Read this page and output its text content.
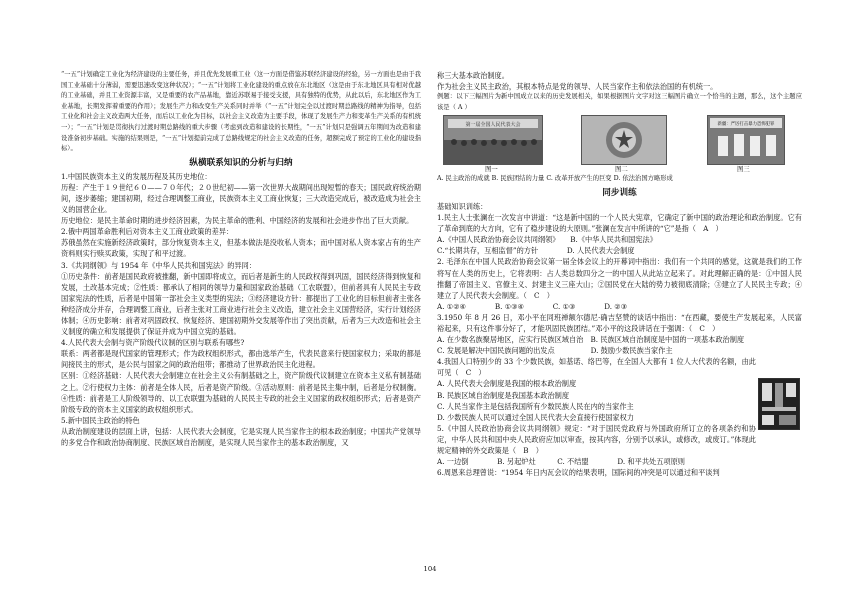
“一五”计划确定工业化为经济建设的主要任务，并且优先发展重工业（这一方面是借鉴苏联经济建设的经验，另一方面也是由于我国工业基础十分薄弱，需要迅速改变这种状况）；“一五”计划将工业化建设的重点放在东北地区（这是由于东北地区具有相对优越的工业基础，并且工业资源丰富，又是重要的农产品基地，靠近苏联易于接受支援，具有独特的优势，从此以后，东北地区作为工业基地，长期发挥着重要的作用）；发展生产力和改变生产关系同时并举（“一五”计划完全以过渡时期总路线的精神为指导，包括工业化和社会主义改造两大任务，而后以工业化为目标，以社会主义改造为主要手段，体现了发展生产力和变革生产关系的有机统一）；“一五”计划是贯彻执行过渡时期总路线的重大步骤（考虑到改造和建设的长期性，“一五”计划只是强调五年期间为改造和建设准备初步基础。实施的结果则是，“一五”计划提前完成了总路线规定的社会主义改造的任务，超额完成了预定的工业化的建设指标）。

纵横联系知识的分析与归纳

1.中国民族资本主义的发展历程及其历史地位：

历程：产生于１９世纪６０——７０年代；２０世纪初——第一次世界大战期间出现短暂的春天；国民政府统治期间，逐步萎缩；建国初期，经过合理调整工商业，民族资本主义工商业恢复；三大改造完成后，被改造成为社会主义的国营企业。

历史地位：是民主革命时期的进步经济因素，为民主革命的胜利、中国经济的发展和社会进步作出了巨大贡献。

2.俄中两国革命胜利后对资本主义工商业政策的差异：

苏俄虽然在实施新经济政策时，部分恢复资本主义，但基本做法是没收私人资本；而中国对私人资本家占有的生产资料则实行赎买政策，实现了和平过渡。

3.《共同纲领》与 1954 年《中华人民共和国宪法》的异同：

①历史条件：前者是国民政府被推翻，新中国即将成立，而后者是新生的人民政权得到巩固，国民经济得到恢复和发展，土改基本完成；②性质：都承认了相同的领导力量和国家政治基础（工农联盟），但前者具有人民民主专政国家宪法的性质，后者是中国第一部社会主义类型的宪法；③经济建设方针：都提出了工业化的目标但前者主张各种经济成分并存，合理调整工商业，后者主张对工商业进行社会主义改造，建立社会主义国营经济，实行计划经济体制；④历史影响：前者对巩固政权、恢复经济、建国初期外交发展等作出了突出贡献，后者为三大改造和社会主义制度的确立和发展提供了保证并成为中国立宪的基础。

4.人民代表大会制与资产阶级代议制的区别与联系有哪些?

联系：两者都是现代国家的管理形式；作为政权组织形式，都由选举产生，代表民意来行使国家权力；采取的都是间接民主的形式，是公民与国家之间的政治纽带；都推动了世界政治民主化进程。

区别：①经济基础：人民代表大会制建立在社会主义公有制基础之上，资产阶级代议制建立在资本主义私有制基础之上。②行使权力主体：前者是全体人民，后者是资产阶级。③活动原则：前者是民主集中制，后者是分权制衡。④性质：前者是工人阶级领导的、以工农联盟为基础的人民民主专政的社会主义国家的政权组织形式；后者是资产阶级专政的资本主义国家的政权组织形式。

5.新中国民主政治的特色

从政治制度建设的层面上讲，包括：人民代表大会制度，它是实现人民当家作主的根本政治制度；中国共产党领导的多党合作和政治协商制度、民族区域自治制度，是实现人民当家作主的基本政治制度，又

称三大基本政治制度。

作为社会主义民主政治，其根本特点是党的领导、人民当家作主和依法治国的有机统一。

例题：以下三幅图片为新中国成立以来的历史发展相关，如果根据图片文字对这三幅图片确立一个恰当的主题，那么，这个主题应该是（ A ）

第一届全国人民代表大会
图一	图二
新疆：严厉打击暴力恐怖犯罪
图三

A. 民主政治的成就 B. 民族团结的力量 C. 改革开放产生的巨变 D. 依法治国方略形成

同步训练

基础知识训练：

1.民主人士张澜在一次发言中讲道：“这是新中国的一个人民大宪章，它确定了新中国的政治理论和政治制度。它有了革命到底的大方向，它有了稳步建设的大原则。”张澜在发言中所讲的“它”是指（　A　）

A.《中国人民政治协商会议共同纲领》　　B.《中华人民共和国宪法》

C.“长期共存，互相监督”的方针　　　　D. 人民代表大会制度

2. 毛泽东在中国人民政治协商会议第一届全体会议上的开幕词中指出：我们有一个共同的感觉，这就是我们的工作将写在人类的历史上，它将表明：占人类总数四分之一的中国人从此站立起来了。对此理解正确的是：①中国人民推翻了帝国主义、官僚主义、封建主义三座大山；②国民党在大陆的势力被彻底清除；③建立了人民民主专政；④建立了人民代表大会制度。（　C　）

A. ①②④　　　　B. ①③④　　　　C. ①③　　　　D. ②③

3.1950 年 8 月 26 日，邓小平在同班禅额尔德尼·确吉坚赞的谈话中指出：“在西藏，要使生产发展起来，人民富裕起来，只有这件事分好了，才能巩固民族团结。”邓小平的这段讲话在于强调：（　C　）

A. 在少数名族聚居地区，应实行民族区域自治　B. 民族区域自治制度是中国的一项基本政治制度

C. 发展是解决中国民族问题的出发点　　　　　D. 鼓励少数民族当家作主

4.我国人口特别少的 33 个少数民族，如基诺、络巴等，在全国人大都有 1 位人大代表的名额，由此可见（　C　）

A. 人民代表大会制度是我国的根本政治制度

B. 民族区域自治制度是我国基本政治制度

C. 人民当家作主是包括我国所有少数民族人民在内的当家作主

D. 少数民族人民可以通过全国人民代表大会直接行使国家权力

5.《中国人民政治协商会议共同纲领》规定：“对于国民党政府与外国政府所订立的各项条约和协定，中华人民共和国中央人民政府应加以审查，按其内容，分别予以承认，或修改，或废订。”体现此规定精神的外交政策是（　B　）

A. 一边倒　　　　B. 另起炉灶　　　C. 不结盟　　　　D. 和平共处五项原则

6.周恩来总理曾说：“1954 年日内瓦会议的结果表明，国际间的冲突是可以通过和平谈判

104
